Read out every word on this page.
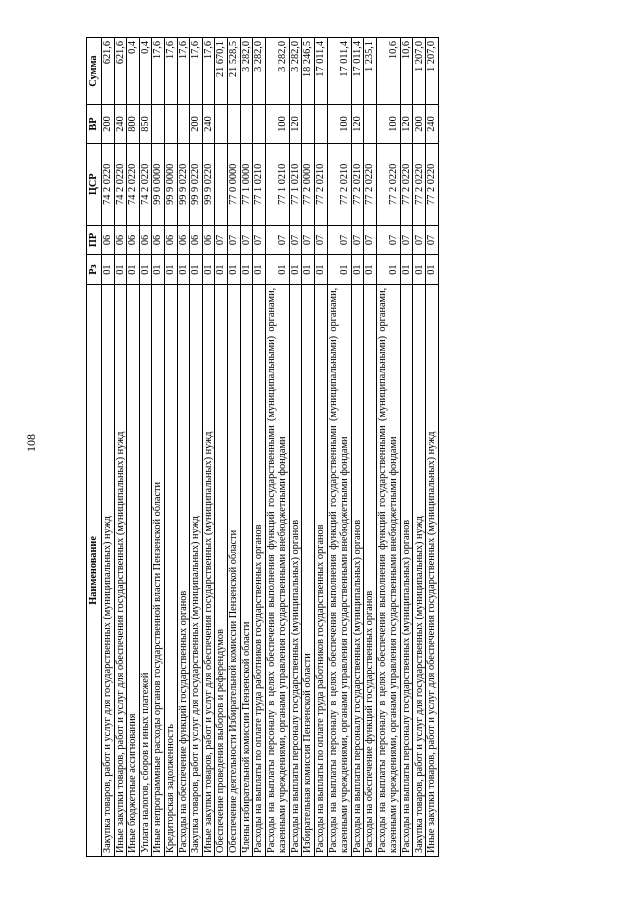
108
Наименование	Рз	ПР	ЦСР	ВР	Сумма
Закупка товаров, работ и услуг для государственных (муниципальных) нужд	01	06	74 2 0220	200	621,6
Иные закупки товаров, работ и услуг для обеспечения государственных (муниципальных) нужд	01	06	74 2 0220	240	621,6
Иные бюджетные ассигнования	01	06	74 2 0220	800	0,4
Уплата налогов, сборов и иных платежей	01	06	74 2 0220	850	0,4
Иные непрограммные расходы органов государственной власти Пензенской области	01	06	99 0 0000		17,6
Кредиторская задолженность	01	06	99 9 0000		17,6
Расходы на обеспечение функций государственных органов	01	06	99 9 0220		17,6
Закупка товаров, работ и услуг для государственных (муниципальных) нужд	01	06	99 9 0220	200	17,6
Иные закупки товаров, работ и услуг для обеспечения государственных (муниципальных) нужд	01	06	99 9 0220	240	17,6
Обеспечение проведения выборов и референдумов	01	07			21 670,1
Обеспечение деятельности Избирательной комиссии Пензенской области	01	07	77 0 0000		21 528,5
Члены избирательной комиссии Пензенской области	01	07	77 1 0000		3 282,0
Расходы на выплаты по оплате труда работников государственных органов	01	07	77 1 0210		3 282,0
Расходы на выплаты персоналу в целях обеспечения выполнения функций государственными (муниципальными) органами, казенными учреждениями, органами управления государственными внебюджетными фондами	01	07	77 1 0210	100	3 282,0
Расходы на выплаты персоналу государственных (муниципальных) органов	01	07	77 1 0210	120	3 282,0
Избирательная комиссия Пензенской области	01	07	77 2 0000		18 246,5
Расходы на выплаты по оплате труда работников государственных органов	01	07	77 2 0210		17 011,4
Расходы на выплаты персоналу в целях обеспечения выполнения функций государственными (муниципальными) органами, казенными учреждениями, органами управления государственными внебюджетными фондами	01	07	77 2 0210	100	17 011,4
Расходы на выплаты персоналу государственных (муниципальных) органов	01	07	77 2 0210	120	17 011,4
Расходы на обеспечение функций государственных органов	01	07	77 2 0220		1 235,1
Расходы на выплаты персоналу в целях обеспечения выполнения функций государственными (муниципальными) органами, казенными учреждениями, органами управления государственными внебюджетными фондами	01	07	77 2 0220	100	10,6
Расходы на выплаты персоналу государственных (муниципальных) органов	01	07	77 2 0220	120	10,6
Закупка товаров, работ и услуг для государственных (муниципальных) нужд	01	07	77 2 0220	200	1 207,0
Иные закупки товаров, работ и услуг для обеспечения государственных (муниципальных) нужд	01	07	77 2 0220	240	1 207,0
